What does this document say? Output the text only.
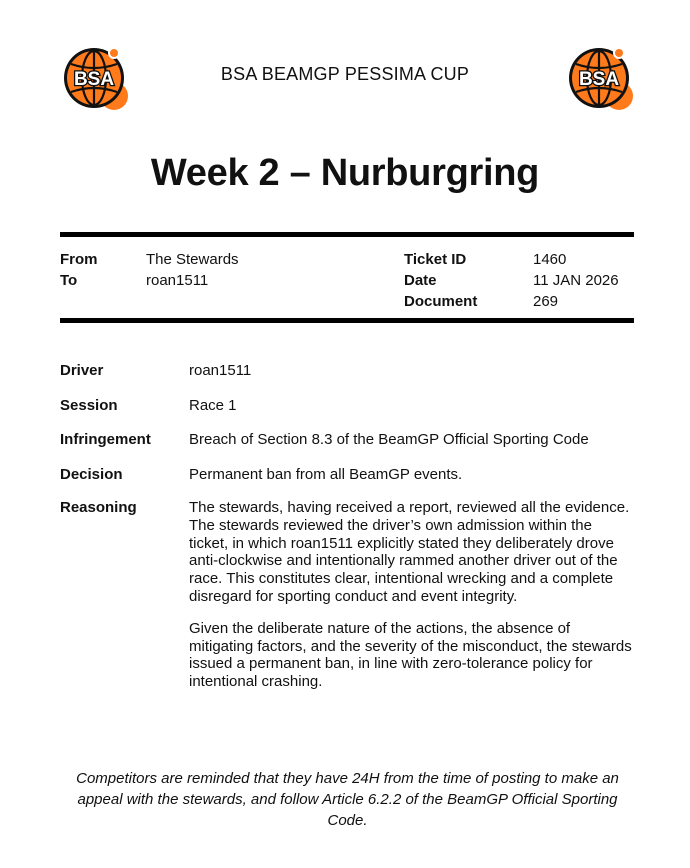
BSA	BSA BEAMGP PESSIMA CUP	BSA
Week 2 – Nurburgring
From	The Stewards
To	roan1511
Ticket ID	1460
Date	11 JAN 2026
Document	269
Driver	roan1511
Session	Race 1
Infringement	Breach of Section 8.3 of the BeamGP Official Sporting Code
Decision	Permanent ban from all BeamGP events.
Reasoning	The stewards, having received a report, reviewed all the evidence. The stewards reviewed the driver’s own admission within the ticket, in which roan1511 explicitly stated they deliberately drove anti-clockwise and intentionally rammed another driver out of the race. This constitutes clear, intentional wrecking and a complete disregard for sporting conduct and event integrity.

Given the deliberate nature of the actions, the absence of mitigating factors, and the severity of the misconduct, the stewards issued a permanent ban, in line with zero-tolerance policy for intentional crashing.

Competitors are reminded that they have 24H from the time of posting to make an appeal with the stewards, and follow Article 6.2.2 of the BeamGP Official Sporting Code.
